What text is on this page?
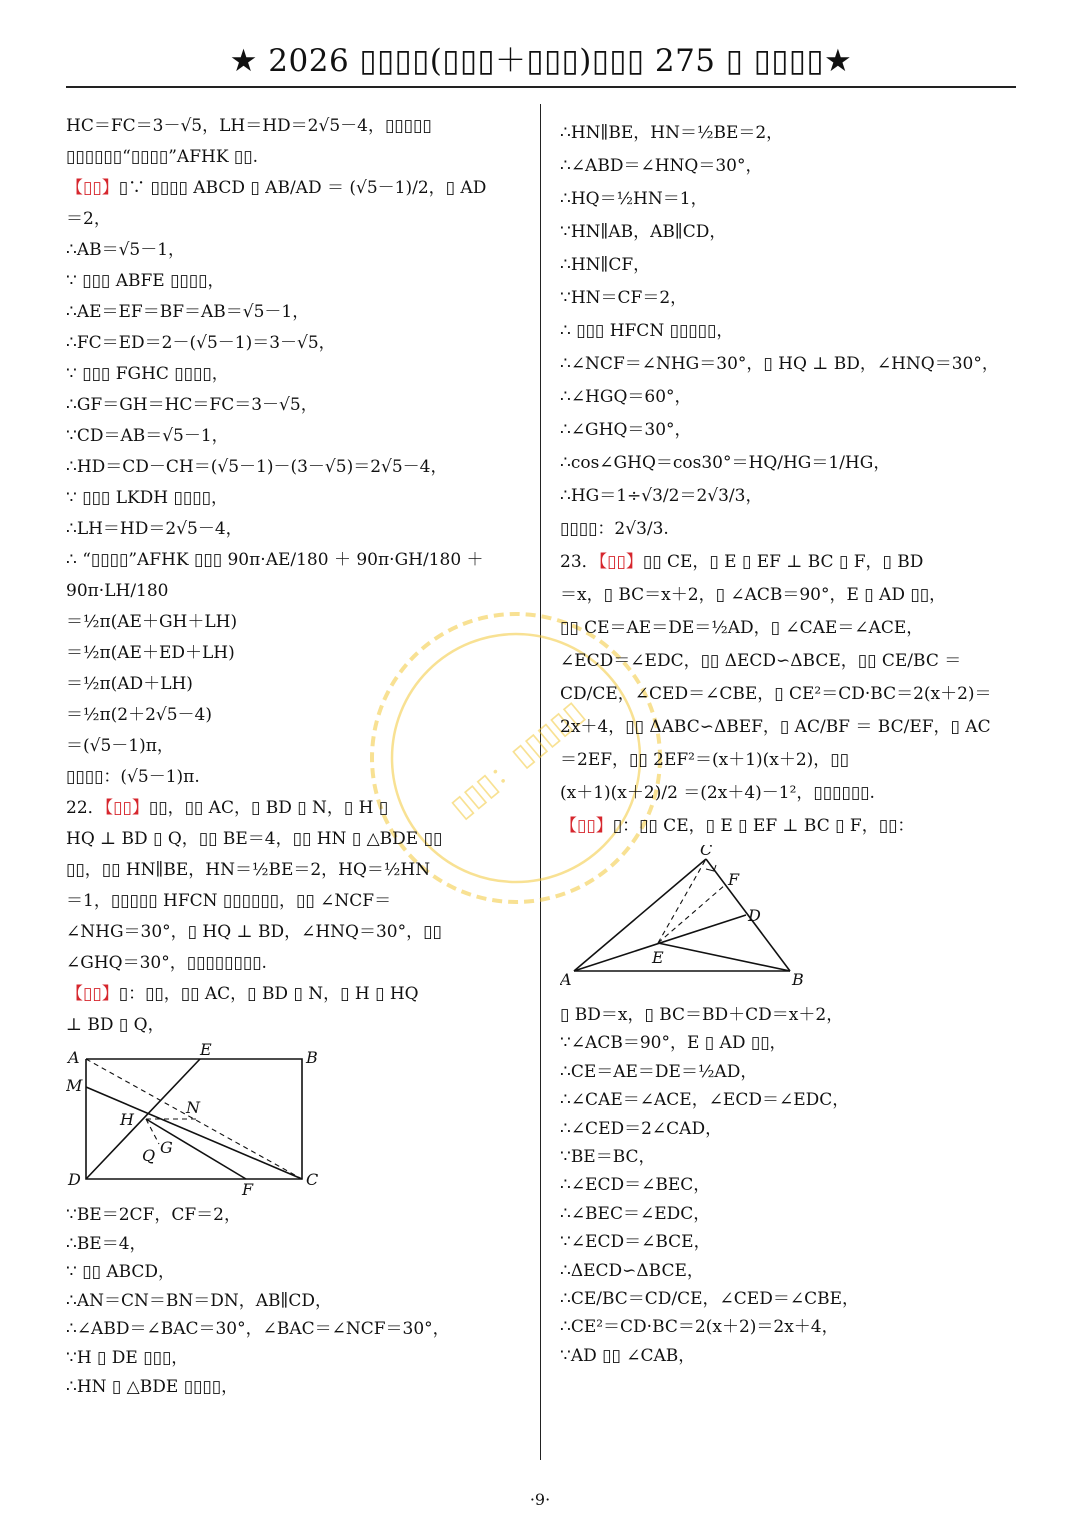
★ 2026 ▯▯▯▯(▯▯▯＋▯▯▯)▯▯▯ 275 ▯ ▯▯▯▯★
▯▯▯：▯▯▯▯▯
HC＝FC＝3－√5，LH＝HD＝2√5－4，▯▯▯▯▯
▯▯▯▯▯▯“▯▯▯▯”AFHK ▯▯.
【▯▯】▯∵ ▯▯▯▯ ABCD ▯ AB/AD ＝ (√5－1)/2，▯ AD
＝2，
∴AB＝√5－1，
∵ ▯▯▯ ABFE ▯▯▯▯，
∴AE＝EF＝BF＝AB＝√5－1，
∴FC＝ED＝2－(√5－1)＝3－√5，
∵ ▯▯▯ FGHC ▯▯▯▯，
∴GF＝GH＝HC＝FC＝3－√5，
∵CD＝AB＝√5－1，
∴HD＝CD－CH＝(√5－1)－(3－√5)＝2√5－4，
∵ ▯▯▯ LKDH ▯▯▯▯，
∴LH＝HD＝2√5－4，
∴ “▯▯▯▯”AFHK ▯▯▯ 90π·AE/180 ＋ 90π·GH/180 ＋
90π·LH/180
＝½π(AE＋GH＋LH)
＝½π(AE＋ED＋LH)
＝½π(AD＋LH)
＝½π(2＋2√5－4)
＝(√5－1)π，
▯▯▯▯：(√5－1)π.
22．【▯▯】▯▯，▯▯ AC，▯ BD ▯ N，▯ H ▯
HQ ⊥ BD ▯ Q，▯▯ BE＝4，▯▯ HN ▯ △BDE ▯▯
▯▯，▯▯ HN∥BE，HN＝½BE＝2，HQ＝½HN
＝1，▯▯▯▯▯ HFCN ▯▯▯▯▯▯，▯▯ ∠NCF＝
∠NHG＝30°，▯ HQ ⊥ BD，∠HNQ＝30°，▯▯
∠GHQ＝30°，▯▯▯▯▯▯▯▯.
【▯▯】▯：▯▯，▯▯ AC，▯ BD ▯ N，▯ H ▯ HQ
⊥ BD ▯ Q，
A	B
C
D
E
F
M
H
N
Q G
∵BE＝2CF，CF＝2，
∴BE＝4，
∵ ▯▯ ABCD，
∴AN＝CN＝BN＝DN，AB∥CD，
∴∠ABD＝∠BAC＝30°，∠BAC＝∠NCF＝30°，
∵H ▯ DE ▯▯▯，
∴HN ▯ △BDE ▯▯▯▯，
∴HN∥BE，HN＝½BE＝2，
∴∠ABD＝∠HNQ＝30°，
∴HQ＝½HN＝1，
∵HN∥AB，AB∥CD，
∴HN∥CF，
∵HN＝CF＝2，
∴ ▯▯▯ HFCN ▯▯▯▯▯，
∴∠NCF＝∠NHG＝30°，▯ HQ ⊥ BD，∠HNQ＝30°，
∴∠HGQ＝60°，
∴∠GHQ＝30°，
∴cos∠GHQ＝cos30°＝HQ/HG＝1/HG，
∴HG＝1÷√3/2＝2√3/3，
▯▯▯▯：2√3/3.
23．【▯▯】▯▯ CE，▯ E ▯ EF ⊥ BC ▯ F，▯ BD
＝x，▯ BC＝x＋2，▯ ∠ACB＝90°，E ▯ AD ▯▯，
▯▯ CE＝AE＝DE＝½AD，▯ ∠CAE＝∠ACE，
∠ECD＝∠EDC，▯▯ ΔECD∽ΔBCE，▯▯ CE/BC ＝
CD/CE，∠CED＝∠CBE，▯ CE²＝CD·BC＝2(x＋2)＝
2x＋4，▯▯ ΔABC∽ΔBEF，▯ AC/BF ＝ BC/EF，▯ AC
＝2EF，▯▯ 2EF²＝(x＋1)(x＋2)，▯▯
(x＋1)(x＋2)/2 ＝(2x＋4)－1²，▯▯▯▯▯▯.
【▯▯】▯：▯▯ CE，▯ E ▯ EF ⊥ BC ▯ F，▯▯：
A	B
C
D
E
F
▯ BD＝x，▯ BC＝BD＋CD＝x＋2，
∵∠ACB＝90°，E ▯ AD ▯▯，
∴CE＝AE＝DE＝½AD，
∴∠CAE＝∠ACE，∠ECD＝∠EDC，
∴∠CED＝2∠CAD，
∵BE＝BC，
∴∠ECD＝∠BEC，
∴∠BEC＝∠EDC，
∵∠ECD＝∠BCE，
∴ΔECD∽ΔBCE，
∴CE/BC＝CD/CE，∠CED＝∠CBE，
∴CE²＝CD·BC＝2(x＋2)＝2x＋4，
∵AD ▯▯ ∠CAB，
·9·
